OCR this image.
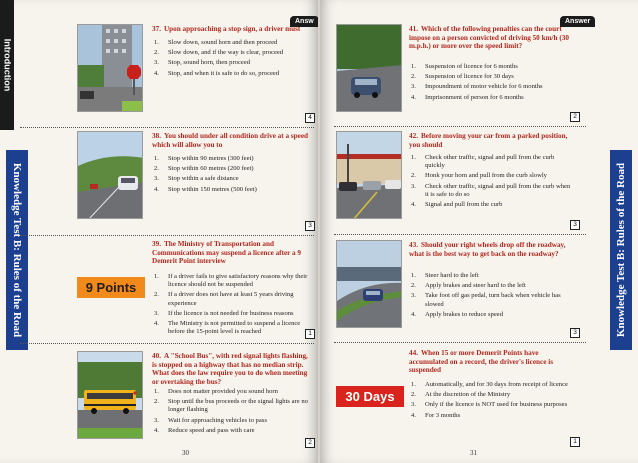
Introduction
Answ
Knowledge Test B: Rules of the Road
37. Upon approaching a stop sign, a driver must
1. Slow down, sound horn and then proceed
2. Slow down, and if the way is clear, proceed
3. Stop, sound horn, then proceed
4. Stop, and when it is safe to do so, proceed
4
38. You should under all condition drive at a speed which will allow you to
1. Stop within 90 metres (300 feet)
2. Stop within 60 metres (200 feet)
3. Stop within a safe distance
4. Stop within 150 metres (500 feet)
3
9 Points
39. The Ministry of Transportation and Communications may suspend a licence after a 9 Demerit Point interview
1. If a driver fails to give satisfactory reasons why their licence should not be suspended
2. If a driver does not have at least 5 years driving experience
3. If the licence is not needed for business reasons
4. The Ministry is not permitted to suspend a licence before the 15-point level is reached	1
40. A "School Bus", with red signal lights flashing, is stopped on a highway that has no median strip. What does the law require you to do when meeting or overtaking the bus?
1. Does not matter provided you sound horn
2. Stop until the bus proceeds or the signal lights are no longer flashing
3. Wait for approaching vehicles to pass
4. Reduce speed and pass with care
2
30
Answer
Knowledge Test B: Rules of the Road
41. Which of the following penalties can the court impose on a person convicted of driving 50 km/h (30 m.p.h.) or more over the speed limit?
1. Suspension of licence for 6 months
2. Suspension of licence for 30 days
3. Impoundment of motor vehicle for 6 months
4. Imprisonment of person for 6 months
2
42. Before moving your car from a parked position, you should
1. Check other traffic, signal and pull from the curb quickly
2. Honk your horn and pull from the curb slowly
3. Check other traffic, signal and pull from the curb when it is safe to do so
4. Signal and pull from the curb
3
43. Should your right wheels drop off the roadway, what is the best way to get back on the roadway?
1. Steer hard to the left
2. Apply brakes and steer hard to the left
3. Take foot off gas pedal, turn back when vehicle has slowed
4. Apply brakes to reduce speed
3
30 Days
44. When 15 or more Demerit Points have accumulated on a record, the driver's licence is suspended
1. Automatically, and for 30 days from receipt of licence
2. At the discretion of the Ministry
3. Only if the licence is NOT used for business purposes
4. For 3 months
1
31
